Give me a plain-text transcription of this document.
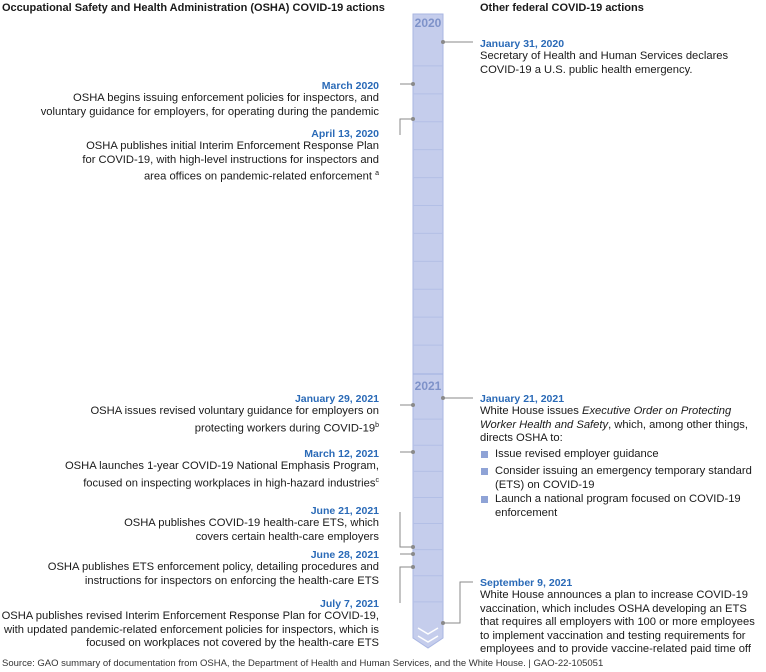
Occupational Safety and Health Administration (OSHA) COVID-19 actions	Other federal COVID-19 actions
2020
2021
January 31, 2020
Secretary of Health and Human Services declares COVID-19 a U.S. public health emergency.
January 21, 2021
White House issues Executive Order on Protecting Worker Health and Safety, which, among other things, directs OSHA to:
Issue revised employer guidance
Consider issuing an emergency temporary standard (ETS) on COVID-19
Launch a national program focused on COVID-19 enforcement
September 9, 2021
White House announces a plan to increase COVID-19 vaccination, which includes OSHA developing an ETS that requires all employers with 100 or more employees to implement vaccination and testing requirements for employees and to provide vaccine-related paid time off
March 2020
OSHA begins issuing enforcement policies for inspectors, and voluntary guidance for employers, for operating during the pandemic
April 13, 2020
OSHA publishes initial Interim Enforcement Response Plan for COVID-19, with high-level instructions for inspectors and area offices on pandemic-related enforcement $^a$
January 29, 2021
OSHA issues revised voluntary guidance for employers on protecting workers during COVID-19$^b$
March 12, 2021
OSHA launches 1-year COVID-19 National Emphasis Program, focused on inspecting workplaces in high-hazard industries$^c$
June 21, 2021
OSHA publishes COVID-19 health-care ETS, which covers certain health-care employers
June 28, 2021
OSHA publishes ETS enforcement policy, detailing procedures and instructions for inspectors on enforcing the health-care ETS
July 7, 2021
OSHA publishes revised Interim Enforcement Response Plan for COVID-19, with updated pandemic-related enforcement policies for inspectors, which is focused on workplaces not covered by the health-care ETS
Source: GAO summary of documentation from OSHA, the Department of Health and Human Services, and the White House. | GAO-22-105051
